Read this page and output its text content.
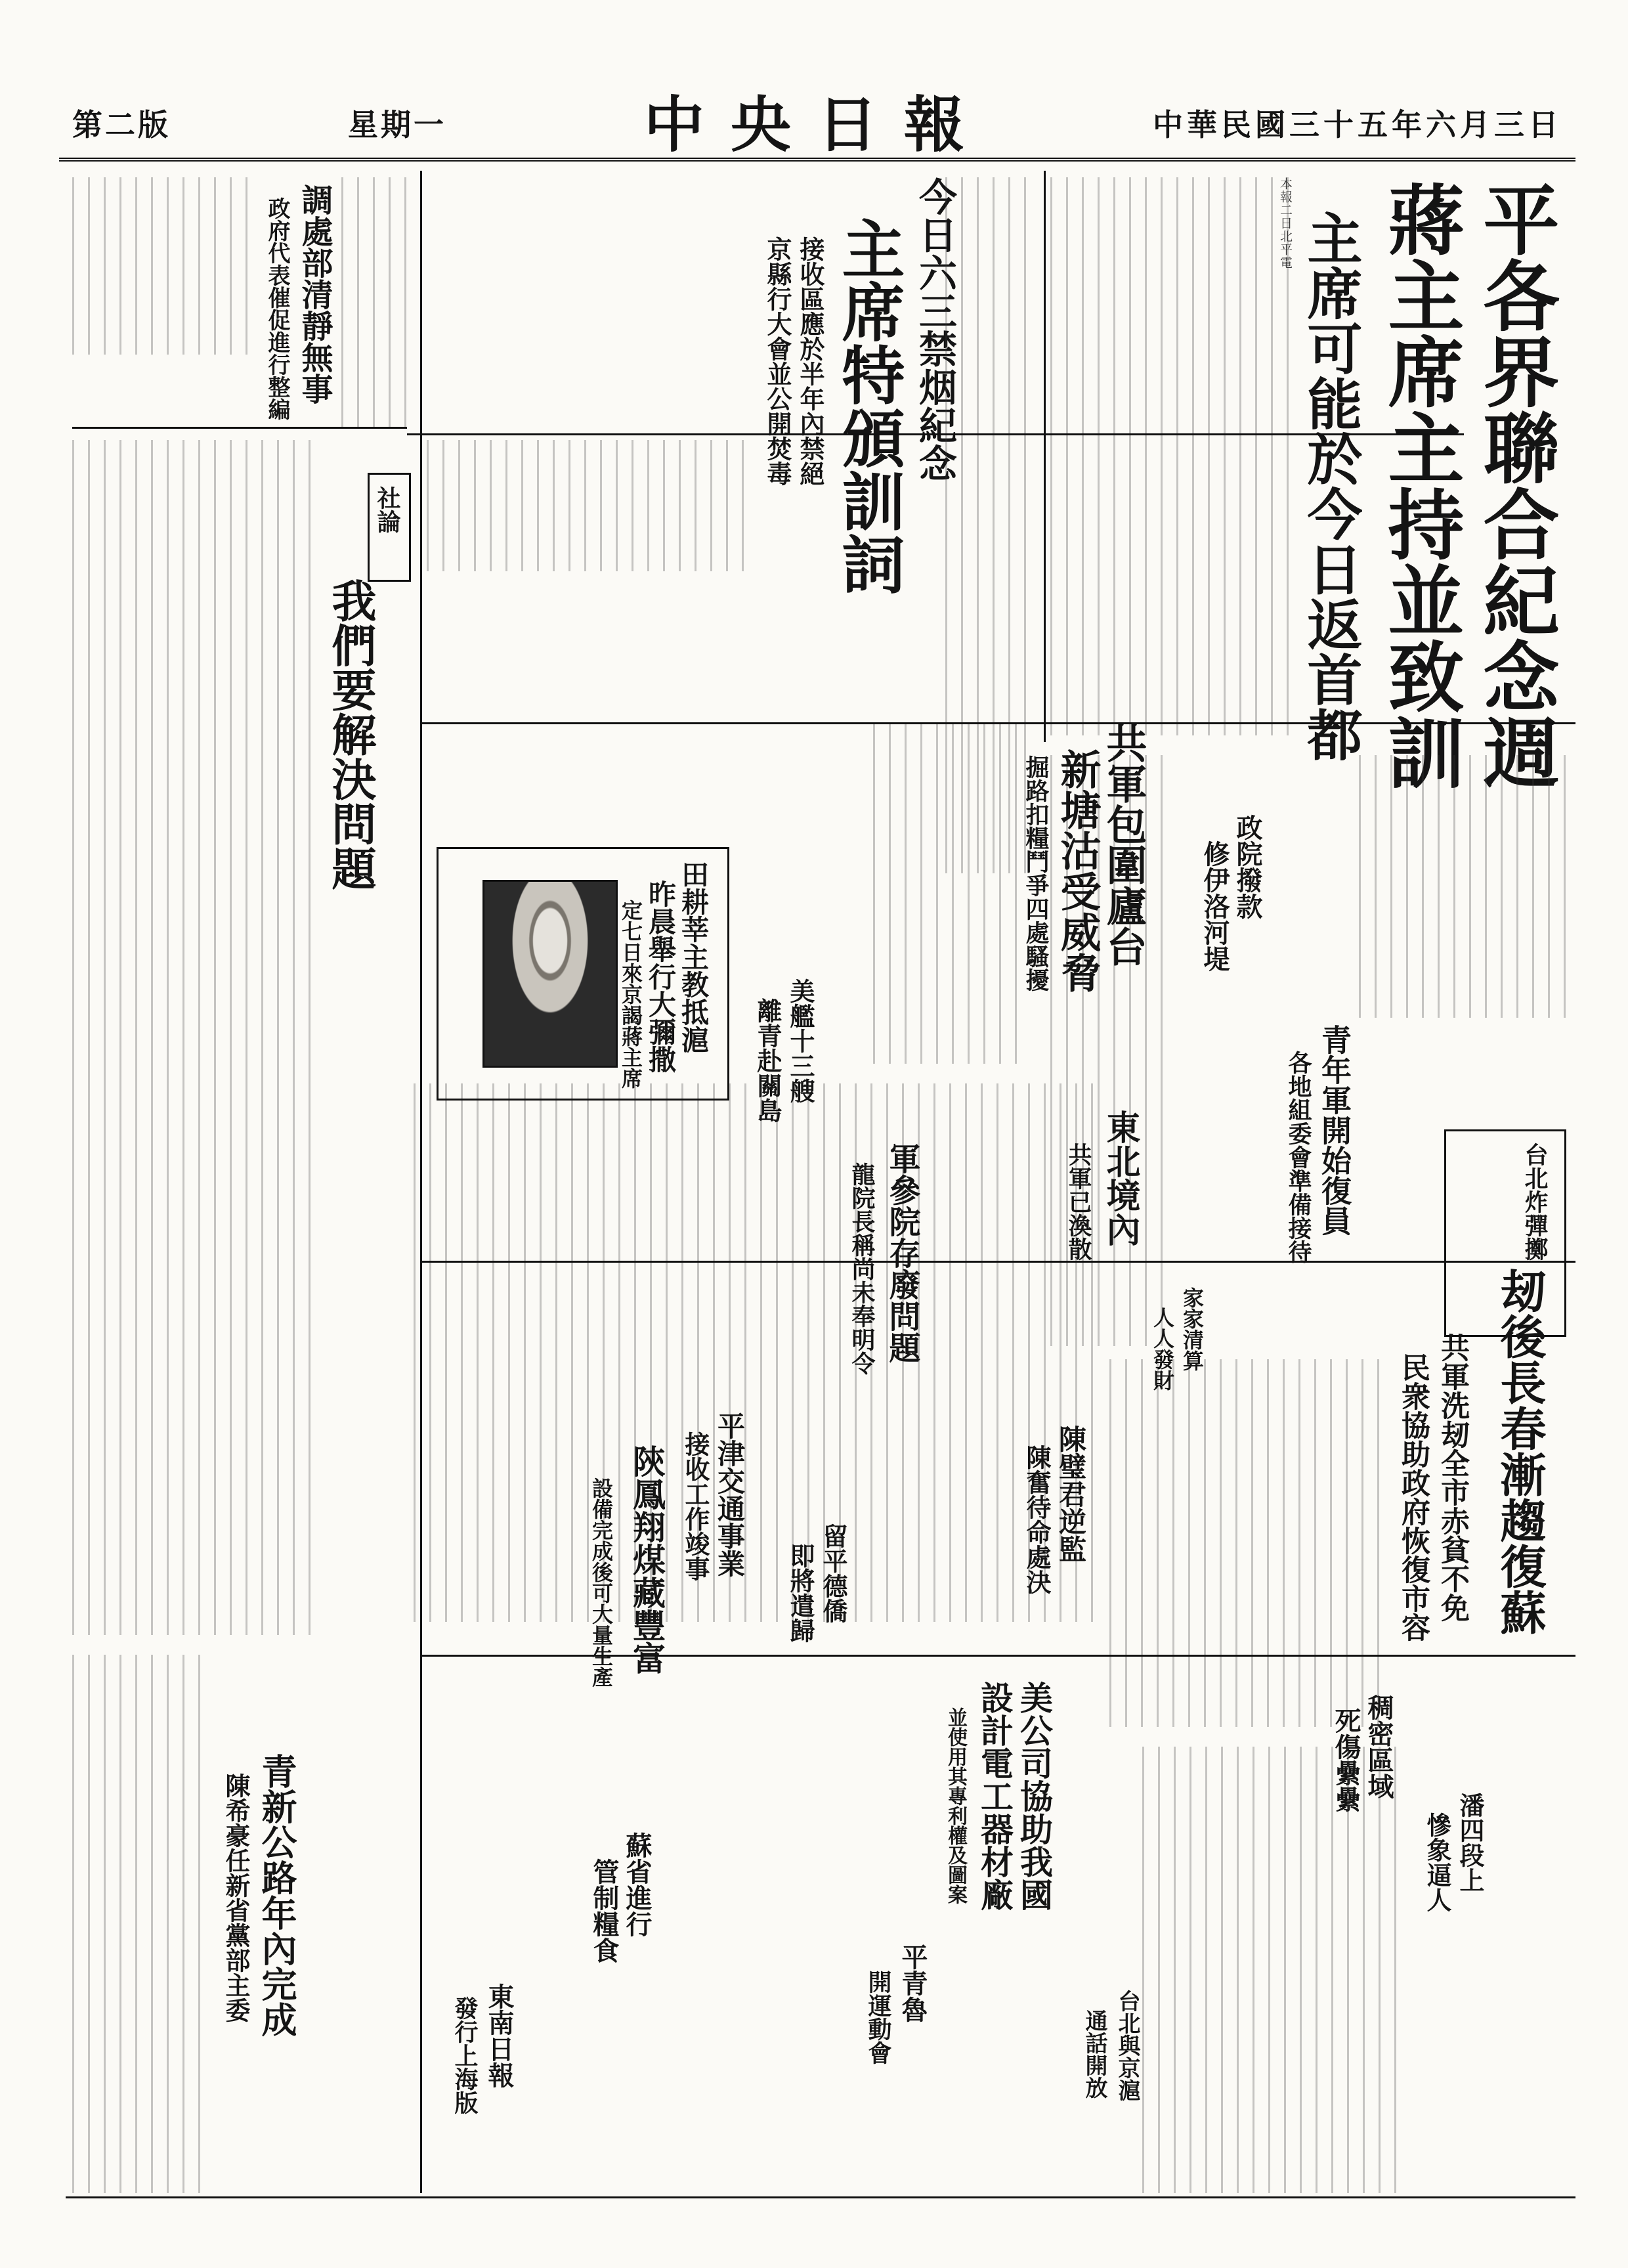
中華民國三十五年六月三日
中央日報
星期一
第二版
平各界聯合紀念週
蔣主席主持並致訓
主席可能於今日返首都
本報二日北平電
今日六三禁烟紀念
主席特頒訓詞
接收區應於半年內禁絕
京縣行大會並公開焚毒
調處部清靜無事
政府代表催促進行整編
社論
我們要解決問題	共軍包圍廬台
新塘沽受威脅
掘路扣糧鬥爭四處騷擾	政院撥款
修伊洛河堤
青年軍開始復員
各地組委會準備接待	台北炸彈擲
刼後長春漸趨復蘇
共軍洗刼全市赤貧不免
民衆協助政府恢復市容
家家清算
人人發財
東北境內
共軍已渙散
軍參院存廢問題
龍院長稱尚未奉明令
田耕莘主教抵滬
昨晨舉行大彌撒
定七日來京謁蔣主席	美艦十三艘
離青赴關島
陝鳳翔煤藏豐富
設備完成後可大量生產	平津交通事業
接收工作竣事	陳璧君逆監
陳奮待命處決
留平德僑
即將遣歸
美公司協助我國
設計電工器材廠
並使用其專利權及圖案	稠密區域
死傷纍纍
潘四段上
慘象逼人
蘇省進行
管制糧食
青新公路年內完成
陳希豪任新省黨部主委
東南日報
發行上海版
平青魯
開運動會	台北與京滬
通話開放
